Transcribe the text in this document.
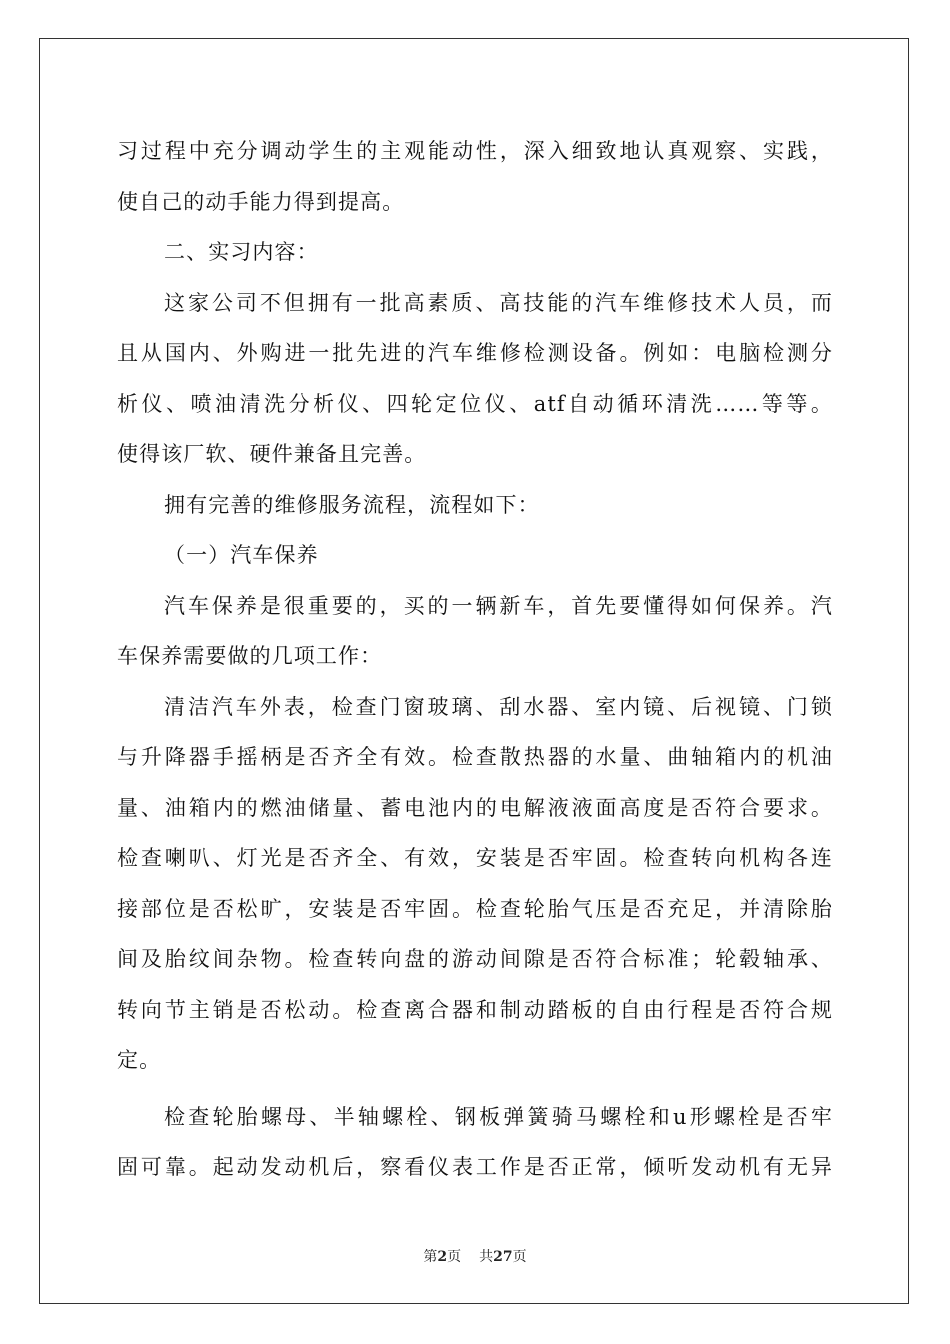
习过程中充分调动学生的主观能动性，深入细致地认真观察、实践，
使自己的动手能力得到提高。
二、实习内容：
这家公司不但拥有一批高素质、高技能的汽车维修技术人员，而
且从国内、外购进一批先进的汽车维修检测设备。例如：电脑检测分
析仪、喷油清洗分析仪、四轮定位仪、atf自动循环清洗……等等。
使得该厂软、硬件兼备且完善。
拥有完善的维修服务流程，流程如下：
（一）汽车保养
汽车保养是很重要的，买的一辆新车，首先要懂得如何保养。汽
车保养需要做的几项工作：
清洁汽车外表，检查门窗玻璃、刮水器、室内镜、后视镜、门锁
与升降器手摇柄是否齐全有效。检查散热器的水量、曲轴箱内的机油
量、油箱内的燃油储量、蓄电池内的电解液液面高度是否符合要求。
检查喇叭、灯光是否齐全、有效，安装是否牢固。检查转向机构各连
接部位是否松旷，安装是否牢固。检查轮胎气压是否充足，并清除胎
间及胎纹间杂物。检查转向盘的游动间隙是否符合标准；轮毂轴承、
转向节主销是否松动。检查离合器和制动踏板的自由行程是否符合规
定。
检查轮胎螺母、半轴螺栓、钢板弹簧骑马螺栓和u形螺栓是否牢
固可靠。起动发动机后，察看仪表工作是否正常，倾听发动机有无异
第2页 共27页
